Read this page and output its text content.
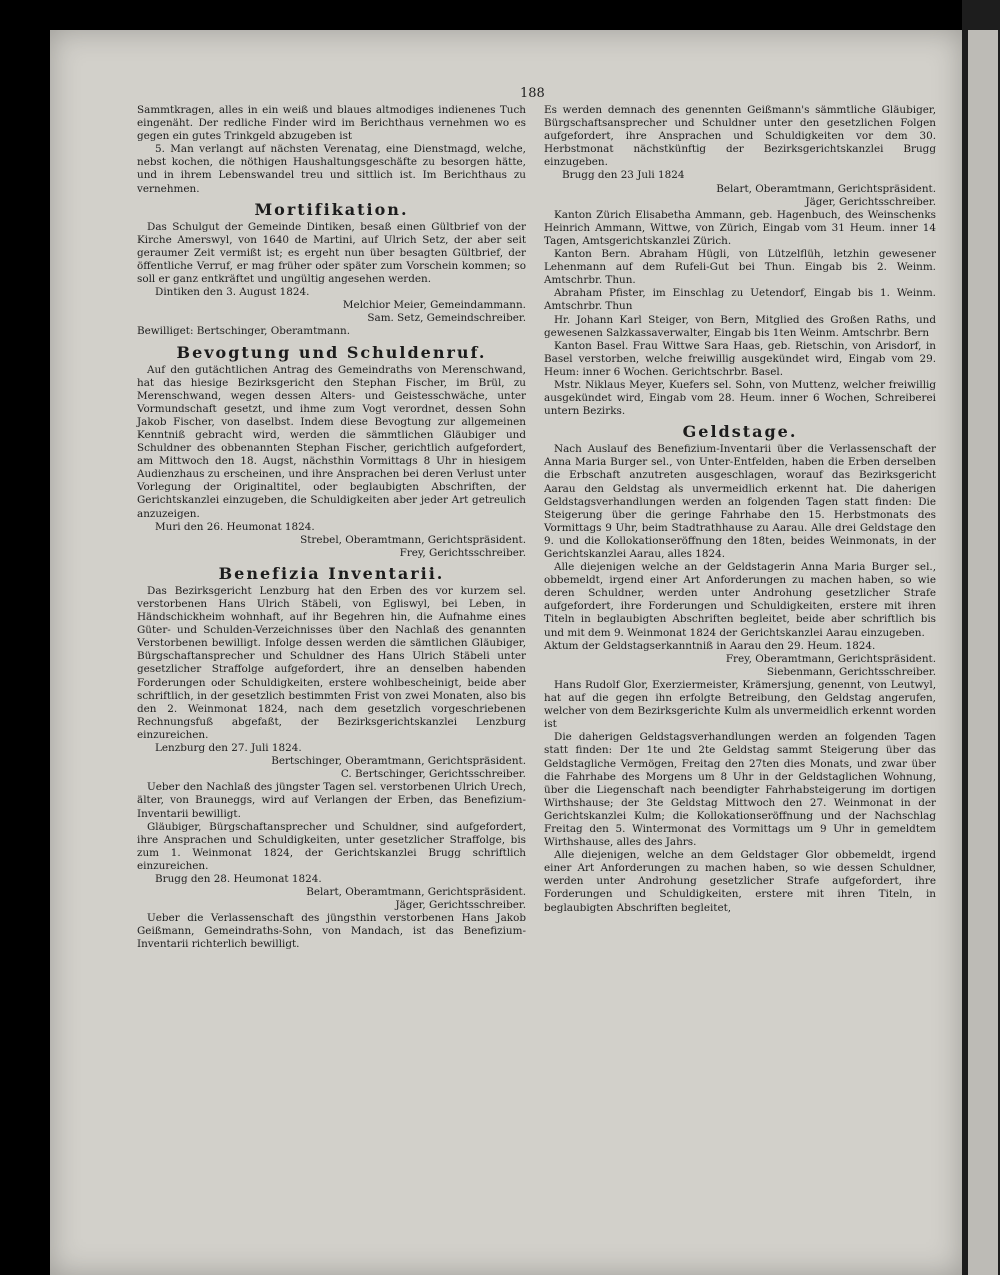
188

Sammtkragen, alles in ein weiß und blaues altmodiges indienenes Tuch eingenäht. Der redliche Finder wird im Berichthaus vernehmen wo es gegen ein gutes Trinkgeld abzugeben ist

5. Man verlangt auf nächsten Verenatag, eine Dienstmagd, welche, nebst kochen, die nöthigen Haushaltungsgeschäfte zu besorgen hätte, und in ihrem Lebenswandel treu und sittlich ist. Im Berichthaus zu vernehmen.

Mortifikation.

Das Schulgut der Gemeinde Dintiken, besaß einen Gültbrief von der Kirche Amerswyl, von 1640 de Martini, auf Ulrich Setz, der aber seit geraumer Zeit vermißt ist; es ergeht nun über besagten Gültbrief, der öffentliche Verruf, er mag früher oder später zum Vorschein kommen; so soll er ganz entkräftet und ungültig angesehen werden.

Dintiken den 3. August 1824.

Melchior Meier, Gemeindammann.

Sam. Setz, Gemeindschreiber.

Bewilliget: Bertschinger, Oberamtmann.

Bevogtung und Schuldenruf.

Auf den gutächtlichen Antrag des Gemeindraths von Merenschwand, hat das hiesige Bezirksgericht den Stephan Fischer, im Brül, zu Merenschwand, wegen dessen Alters- und Geistesschwäche, unter Vormundschaft gesetzt, und ihme zum Vogt verordnet, dessen Sohn Jakob Fischer, von daselbst. Indem diese Bevogtung zur allgemeinen Kenntniß gebracht wird, werden die sämmtlichen Gläubiger und Schuldner des obbenannten Stephan Fischer, gerichtlich aufgefordert, am Mittwoch den 18. Augst, nächsthin Vormittags 8 Uhr in hiesigem Audienzhaus zu erscheinen, und ihre Ansprachen bei deren Verlust unter Vorlegung der Originaltitel, oder beglaubigten Abschriften, der Gerichtskanzlei einzugeben, die Schuldigkeiten aber jeder Art getreulich anzuzeigen.

Muri den 26. Heumonat 1824.

Strebel, Oberamtmann, Gerichtspräsident.

Frey, Gerichtsschreiber.

Benefizia Inventarii.

Das Bezirksgericht Lenzburg hat den Erben des vor kurzem sel. verstorbenen Hans Ulrich Stäbeli, von Egliswyl, bei Leben, in Händschickheim wohnhaft, auf ihr Begehren hin, die Aufnahme eines Güter- und Schulden-Verzeichnisses über den Nachlaß des genannten Verstorbenen bewilligt. Infolge dessen werden die sämtlichen Gläubiger, Bürgschaftansprecher und Schuldner des Hans Ulrich Stäbeli unter gesetzlicher Straffolge aufgefordert, ihre an denselben habenden Forderungen oder Schuldigkeiten, erstere wohlbescheinigt, beide aber schriftlich, in der gesetzlich bestimmten Frist von zwei Monaten, also bis den 2. Weinmonat 1824, nach dem gesetzlich vorgeschriebenen Rechnungsfuß abgefaßt, der Bezirksgerichtskanzlei Lenzburg einzureichen.

Lenzburg den 27. Juli 1824.

Bertschinger, Oberamtmann, Gerichtspräsident.

C. Bertschinger, Gerichtsschreiber.

Ueber den Nachlaß des jüngster Tagen sel. verstorbenen Ulrich Urech, älter, von Brauneggs, wird auf Verlangen der Erben, das Benefizium-Inventarii bewilligt.

Gläubiger, Bürgschaftansprecher und Schuldner, sind aufgefordert, ihre Ansprachen und Schuldigkeiten, unter gesetzlicher Straffolge, bis zum 1. Weinmonat 1824, der Gerichtskanzlei Brugg schriftlich einzureichen.

Brugg den 28. Heumonat 1824.

Belart, Oberamtmann, Gerichtspräsident.

Jäger, Gerichtsschreiber.

Ueber die Verlassenschaft des jüngsthin verstorbenen Hans Jakob Geißmann, Gemeindraths-Sohn, von Mandach, ist das Benefizium-Inventarii richterlich bewilligt.

Es werden demnach des genennten Geißmann's sämmtliche Gläubiger, Bürgschaftsansprecher und Schuldner unter den gesetzlichen Folgen aufgefordert, ihre Ansprachen und Schuldigkeiten vor dem 30. Herbstmonat nächstkünftig der Bezirksgerichtskanzlei Brugg einzugeben.

Brugg den 23 Juli 1824

Belart, Oberamtmann, Gerichtspräsident.

Jäger, Gerichtsschreiber.

Kanton Zürich Elisabetha Ammann, geb. Hagenbuch, des Weinschenks Heinrich Ammann, Wittwe, von Zürich, Eingab vom 31 Heum. inner 14 Tagen, Amtsgerichtskanzlei Zürich.

Kanton Bern. Abraham Hügli, von Lützelflüh, letzhin gewesener Lehenmann auf dem Rufeli-Gut bei Thun. Eingab bis 2. Weinm. Amtschrbr. Thun.

Abraham Pfister, im Einschlag zu Uetendorf, Eingab bis 1. Weinm. Amtschrbr. Thun

Hr. Johann Karl Steiger, von Bern, Mitglied des Großen Raths, und gewesenen Salzkassaverwalter, Eingab bis 1ten Weinm. Amtschrbr. Bern

Kanton Basel. Frau Wittwe Sara Haas, geb. Rietschin, von Arisdorf, in Basel verstorben, welche freiwillig ausgekündet wird, Eingab vom 29. Heum: inner 6 Wochen. Gerichtschrbr. Basel.

Mstr. Niklaus Meyer, Kuefers sel. Sohn, von Muttenz, welcher freiwillig ausgekündet wird, Eingab vom 28. Heum. inner 6 Wochen, Schreiberei untern Bezirks.

Geldstage.

Nach Auslauf des Benefizium-Inventarii über die Verlassenschaft der Anna Maria Burger sel., von Unter-Entfelden, haben die Erben derselben die Erbschaft anzutreten ausgeschlagen, worauf das Bezirksgericht Aarau den Geldstag als unvermeidlich erkennt hat. Die daherigen Geldstagsverhandlungen werden an folgenden Tagen statt finden: Die Steigerung über die geringe Fahrhabe den 15. Herbstmonats des Vormittags 9 Uhr, beim Stadtrathhause zu Aarau. Alle drei Geldstage den 9. und die Kollokationseröffnung den 18ten, beides Weinmonats, in der Gerichtskanzlei Aarau, alles 1824.

Alle diejenigen welche an der Geldstagerin Anna Maria Burger sel., obbemeldt, irgend einer Art Anforderungen zu machen haben, so wie deren Schuldner, werden unter Androhung gesetzlicher Strafe aufgefordert, ihre Forderungen und Schuldigkeiten, erstere mit ihren Titeln in beglaubigten Abschriften begleitet, beide aber schriftlich bis und mit dem 9. Weinmonat 1824 der Gerichtskanzlei Aarau einzugeben.

Aktum der Geldstagserkanntniß in Aarau den 29. Heum. 1824.

Frey, Oberamtmann, Gerichtspräsident.

Siebenmann, Gerichtsschreiber.

Hans Rudolf Glor, Exerziermeister, Krämersjung, genennt, von Leutwyl, hat auf die gegen ihn erfolgte Betreibung, den Geldstag angerufen, welcher von dem Bezirksgerichte Kulm als unvermeidlich erkennt worden ist

Die daherigen Geldstagsverhandlungen werden an folgenden Tagen statt finden: Der 1te und 2te Geldstag sammt Steigerung über das Geldstagliche Vermögen, Freitag den 27ten dies Monats, und zwar über die Fahrhabe des Morgens um 8 Uhr in der Geldstaglichen Wohnung, über die Liegenschaft nach beendigter Fahrhabsteigerung im dortigen Wirthshause; der 3te Geldstag Mittwoch den 27. Weinmonat in der Gerichtskanzlei Kulm; die Kollokationseröffnung und der Nachschlag Freitag den 5. Wintermonat des Vormittags um 9 Uhr in gemeldtem Wirthshause, alles des Jahrs.

Alle diejenigen, welche an dem Geldstager Glor obbemeldt, irgend einer Art Anforderungen zu machen haben, so wie dessen Schuldner, werden unter Androhung gesetzlicher Strafe aufgefordert, ihre Forderungen und Schuldigkeiten, erstere mit ihren Titeln, in beglaubigten Abschriften begleitet,
